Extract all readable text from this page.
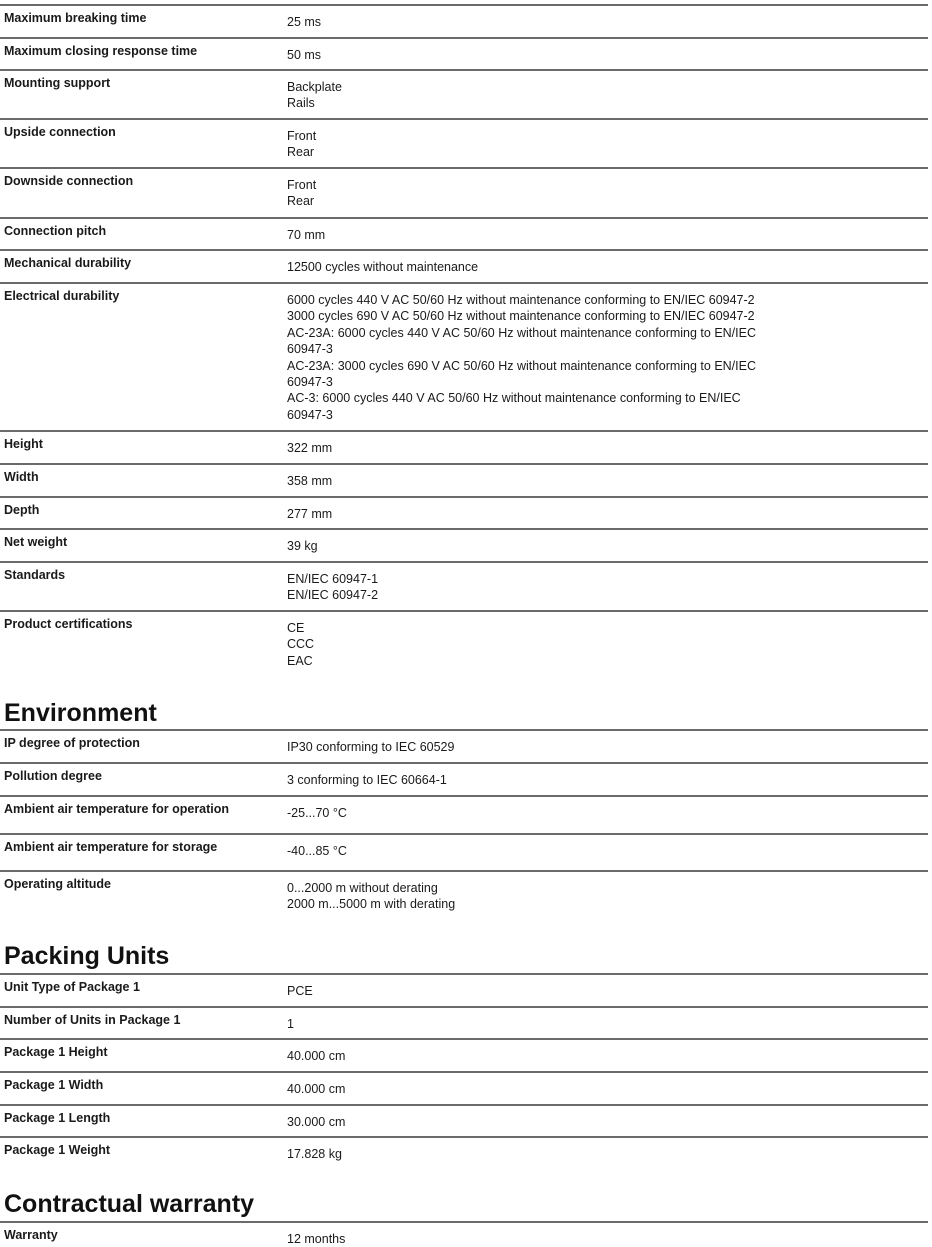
Maximum breaking time	25 ms
Maximum closing response time	50 ms
Mounting support	Backplate
Rails
Upside connection	Front
Rear
Downside connection	Front
Rear
Connection pitch	70 mm
Mechanical durability	12500 cycles without maintenance
Electrical durability	6000 cycles 440 V AC 50/60 Hz without maintenance conforming to EN/IEC 60947-2
3000 cycles 690 V AC 50/60 Hz without maintenance conforming to EN/IEC 60947-2
AC-23A: 6000 cycles 440 V AC 50/60 Hz without maintenance conforming to EN/IEC
60947-3
AC-23A: 3000 cycles 690 V AC 50/60 Hz without maintenance conforming to EN/IEC
60947-3
AC-3: 6000 cycles 440 V AC 50/60 Hz without maintenance conforming to EN/IEC
60947-3
Height	322 mm
Width	358 mm
Depth	277 mm
Net weight	39 kg
Standards	EN/IEC 60947-1
EN/IEC 60947-2
Product certifications	CE
CCC
EAC
Environment
IP degree of protection	IP30 conforming to IEC 60529
Pollution degree	3 conforming to IEC 60664-1
Ambient air temperature for operation	-25...70 °C
Ambient air temperature for storage	-40...85 °C
Operating altitude	0...2000 m without derating
2000 m...5000 m with derating
Packing Units
Unit Type of Package 1	PCE
Number of Units in Package 1	1
Package 1 Height	40.000 cm
Package 1 Width	40.000 cm
Package 1 Length	30.000 cm
Package 1 Weight	17.828 kg
Contractual warranty
Warranty	12 months
